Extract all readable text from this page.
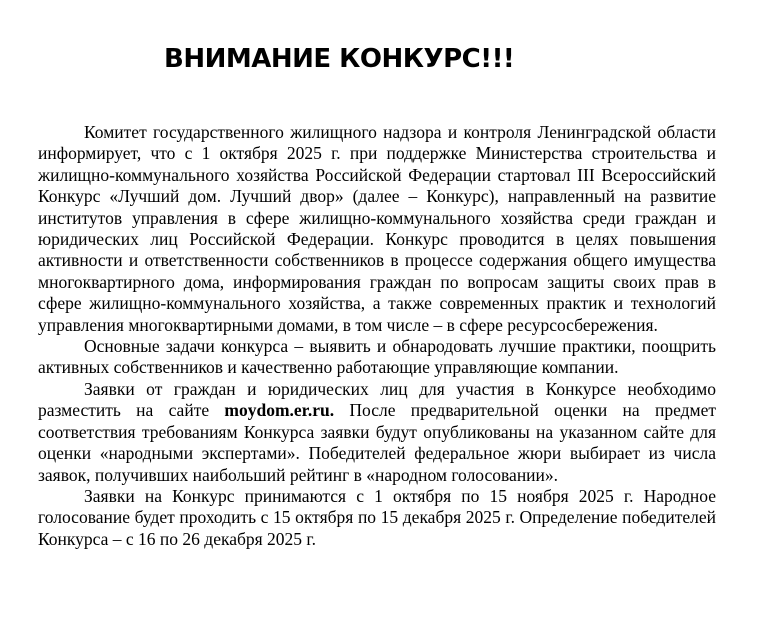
ВНИМАНИЕ КОНКУРС!!!

Комитет государственного жилищного надзора и контроля Ленинградской области информирует, что с 1 октября 2025 г. при поддержке Министерства строительства и жилищно-коммунального хозяйства Российской Федерации стартовал III Всероссийский Конкурс «Лучший дом. Лучший двор» (далее – Конкурс), направленный на развитие институтов управления в сфере жилищно-коммунального хозяйства среди граждан и юридических лиц Российской Федерации. Конкурс проводится в целях повышения активности и ответственности собственников в процессе содержания общего имущества многоквартирного дома, информирования граждан по вопросам защиты своих прав в сфере жилищно-коммунального хозяйства, а также современных практик и технологий управления многоквартирными домами, в том числе – в сфере ресурсосбережения.

Основные задачи конкурса – выявить и обнародовать лучшие практики, поощрить активных собственников и качественно работающие управляющие компании.

Заявки от граждан и юридических лиц для участия в Конкурсе необходимо разместить на сайте moydom.er.ru. После предварительной оценки на предмет соответствия требованиям Конкурса заявки будут опубликованы на указанном сайте для оценки «народными экспертами». Победителей федеральное жюри выбирает из числа заявок, получивших наибольший рейтинг в «народном голосовании».

Заявки на Конкурс принимаются с 1 октября по 15 ноября 2025 г. Народное голосование будет проходить с 15 октября по 15 декабря 2025 г. Определение победителей Конкурса – с 16 по 26 декабря 2025 г.
